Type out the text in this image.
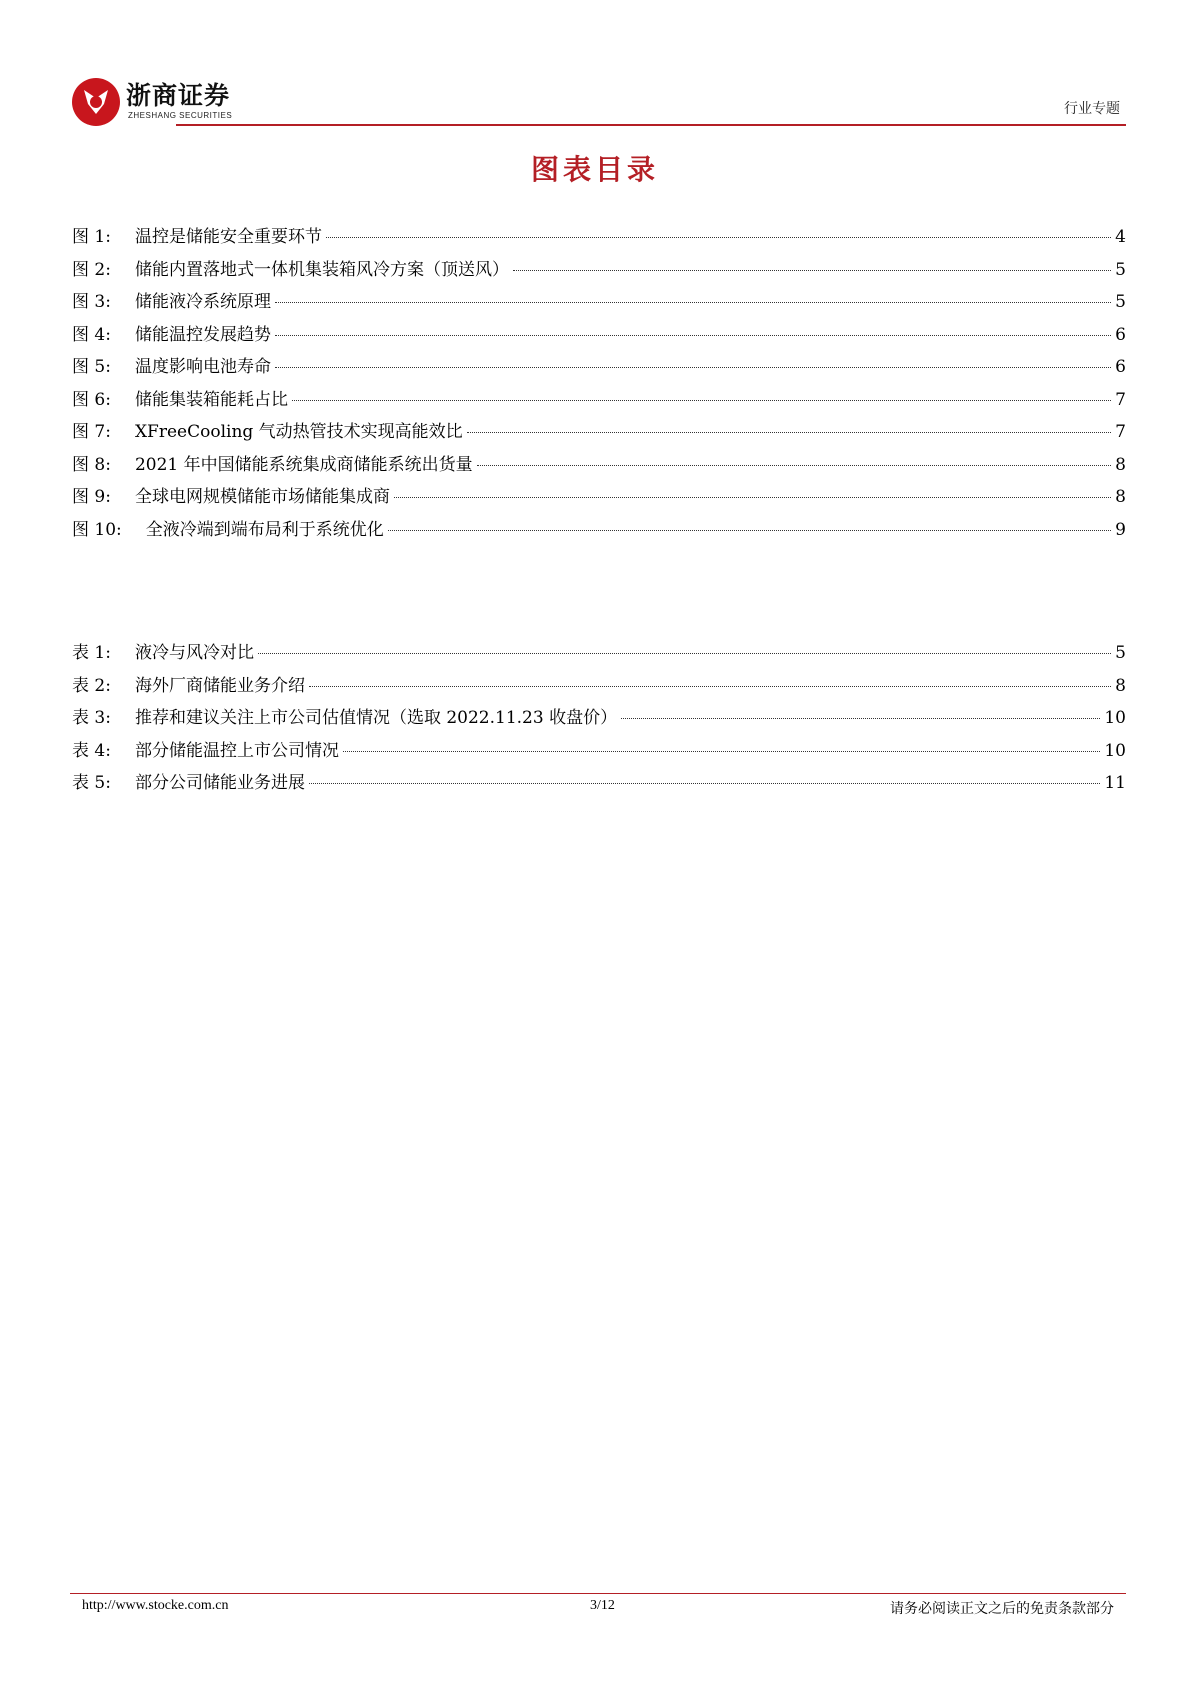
浙商证券
ZHESHANG SECURITIES	行业专题
图表目录
图 1: 温控是储能安全重要环节	4
图 2: 储能内置落地式一体机集装箱风冷方案（顶送风）	5
图 3: 储能液冷系统原理	5
图 4: 储能温控发展趋势	6
图 5: 温度影响电池寿命	6
图 6: 储能集装箱能耗占比	7
图 7: XFreeCooling 气动热管技术实现高能效比	7
图 8: 2021 年中国储能系统集成商储能系统出货量	8
图 9: 全球电网规模储能市场储能集成商	8
图 10: 全液冷端到端布局利于系统优化	9
表 1: 液冷与风冷对比	5
表 2: 海外厂商储能业务介绍	8
表 3: 推荐和建议关注上市公司估值情况（选取 2022.11.23 收盘价）	10
表 4: 部分储能温控上市公司情况	10
表 5: 部分公司储能业务进展	11
http://www.stocke.com.cn	3/12	请务必阅读正文之后的免责条款部分
